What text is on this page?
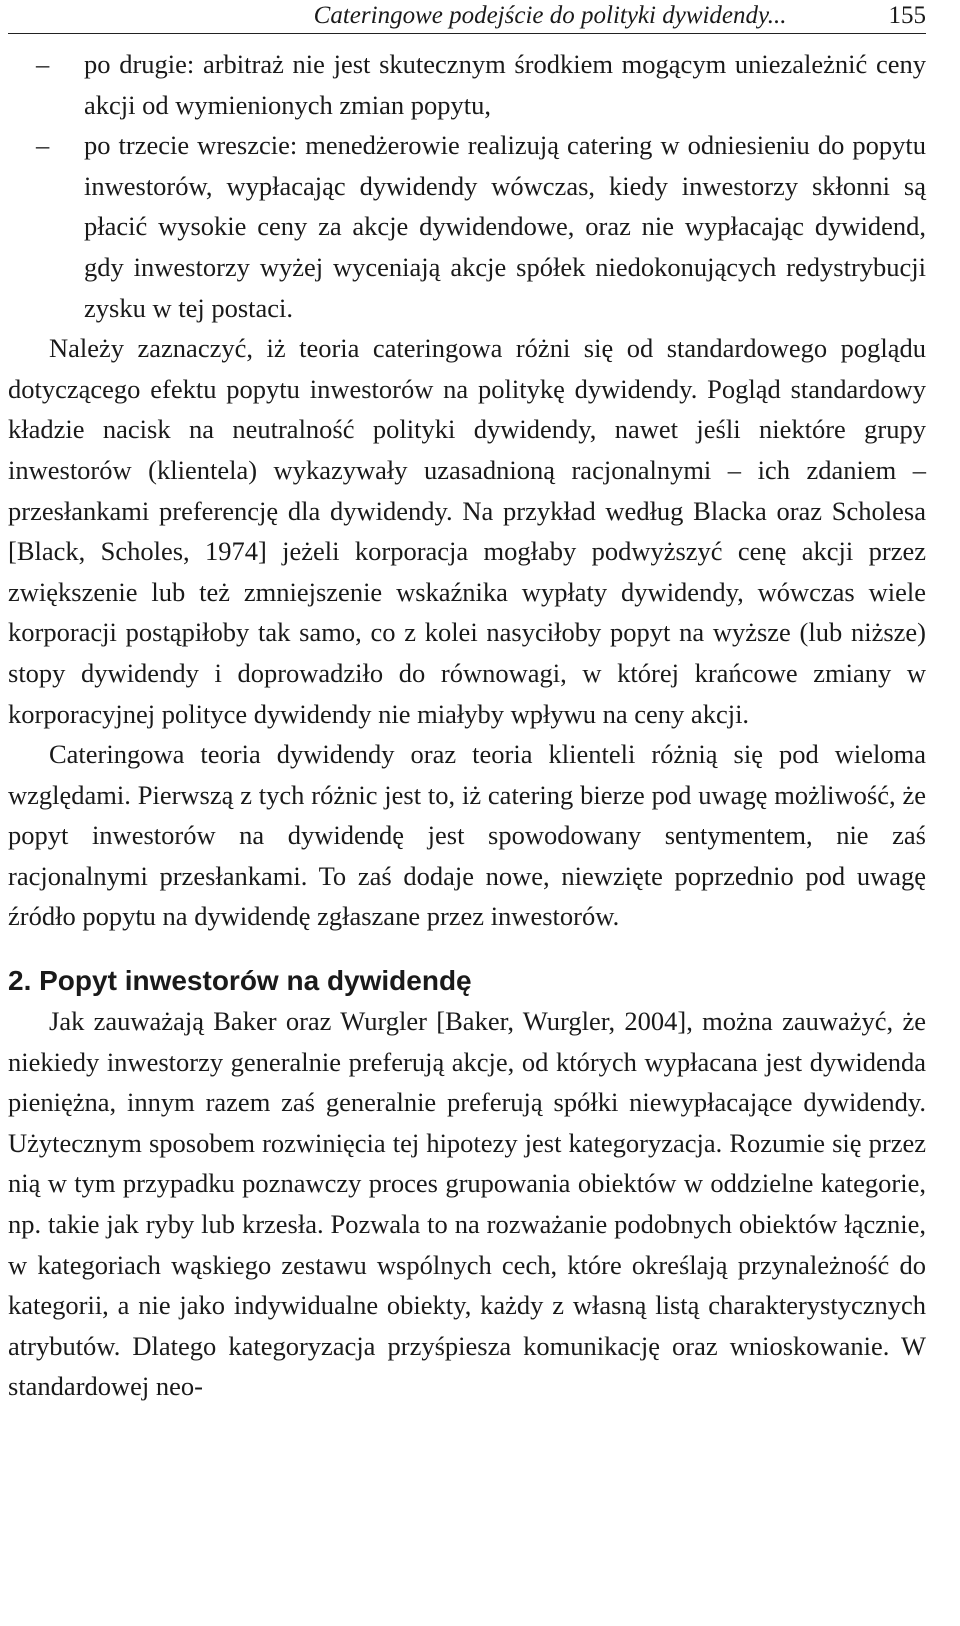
Cateringowe podejście do polityki dywidendy...	155
–	po drugie: arbitraż nie jest skutecznym środkiem mogącym uniezależnić ceny akcji od wymienionych zmian popytu,
–	po trzecie wreszcie: menedżerowie realizują catering w odniesieniu do popytu inwestorów, wypłacając dywidendy wówczas, kiedy inwestorzy skłonni są płacić wysokie ceny za akcje dywidendowe, oraz nie wypłacając dywidend, gdy inwestorzy wyżej wyceniają akcje spółek niedokonujących redystrybucji zysku w tej postaci.

Należy zaznaczyć, iż teoria cateringowa różni się od standardowego poglądu dotyczącego efektu popytu inwestorów na politykę dywidendy. Pogląd standardowy kładzie nacisk na neutralność polityki dywidendy, nawet jeśli niektóre grupy inwestorów (klientela) wykazywały uzasadnioną racjonalnymi – ich zdaniem – przesłankami preferencję dla dywidendy. Na przykład według Blacka oraz Scholesa [Black, Scholes, 1974] jeżeli korporacja mogłaby podwyższyć cenę akcji przez zwiększenie lub też zmniejszenie wskaźnika wypłaty dywidendy, wówczas wiele korporacji postąpiłoby tak samo, co z kolei nasyciłoby popyt na wyższe (lub niższe) stopy dywidendy i doprowadziło do równowagi, w której krańcowe zmiany w korporacyjnej polityce dywidendy nie miałyby wpływu na ceny akcji.

Cateringowa teoria dywidendy oraz teoria klienteli różnią się pod wieloma względami. Pierwszą z tych różnic jest to, iż catering bierze pod uwagę możliwość, że popyt inwestorów na dywidendę jest spowodowany sentymentem, nie zaś racjonalnymi przesłankami. To zaś dodaje nowe, niewzięte poprzednio pod uwagę źródło popytu na dywidendę zgłaszane przez inwestorów.

2. Popyt inwestorów na dywidendę

Jak zauważają Baker oraz Wurgler [Baker, Wurgler, 2004], można zauważyć, że niekiedy inwestorzy generalnie preferują akcje, od których wypłacana jest dywidenda pieniężna, innym razem zaś generalnie preferują spółki niewypłacające dywidendy. Użytecznym sposobem rozwinięcia tej hipotezy jest kategoryzacja. Rozumie się przez nią w tym przypadku poznawczy proces grupowania obiektów w oddzielne kategorie, np. takie jak ryby lub krzesła. Pozwala to na rozważanie podobnych obiektów łącznie, w kategoriach wąskiego zestawu wspólnych cech, które określają przynależność do kategorii, a nie jako indywidualne obiekty, każdy z własną listą charakterystycznych atrybutów. Dlatego kategoryzacja przyśpiesza komunikację oraz wnioskowanie. W standardowej neo-
